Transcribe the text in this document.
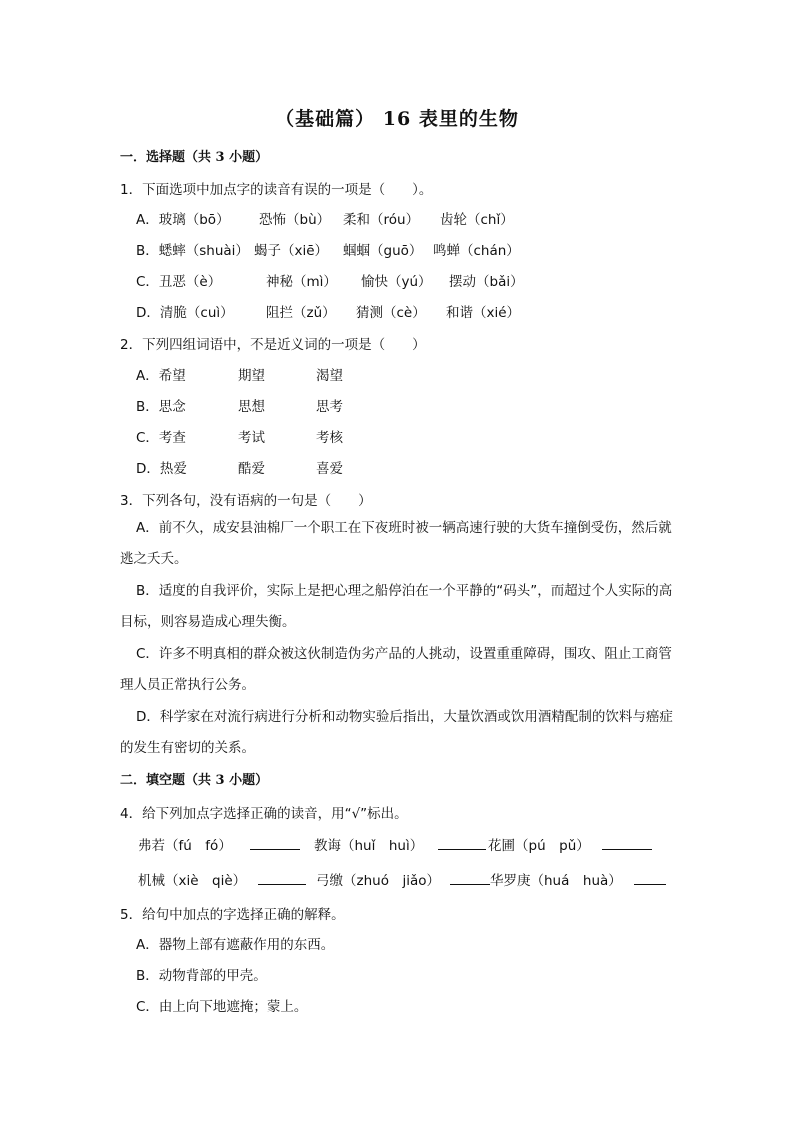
（基础篇） 16 表里的生物
一．选择题（共 3 小题）
1．下面选项中加点字的读音有误的一项是（　　）。
A．玻璃（bō） 恐怖（bù） 柔和（róu） 齿轮（chǐ）
B．蟋蟀（shuài） 蝎子（xiē） 蝈蝈（guō） 鸣蝉（chán）
C．丑恶（è）	神秘（mì） 愉快（yú） 摆动（bǎi）
D．清脆（cuì） 阻拦（zǔ） 猜测（cè） 和谐（xié）
2．下列四组词语中，不是近义词的一项是（　　）
A．希望	期望	渴望
B．思念	思想	思考
C．考查	考试	考核
D．热爱	酷爱	喜爱
3．下列各句，没有语病的一句是（　　）
A．前不久，成安县油棉厂一个职工在下夜班时被一辆高速行驶的大货车撞倒受伤，然后就逃之夭夭。
B．适度的自我评价，实际上是把心理之船停泊在一个平静的“码头”，而超过个人实际的高目标，则容易造成心理失衡。
C．许多不明真相的群众被这伙制造伪劣产品的人挑动，设置重重障碍，围攻、阻止工商管理人员正常执行公务。
D．科学家在对流行病进行分析和动物实验后指出，大量饮酒或饮用酒精配制的饮料与癌症的发生有密切的关系。
二．填空题（共 3 小题）
4．给下列加点字选择正确的读音，用“√”标出。
弗若（fú　fó）	教诲（huǐ　huì）	花圃（pú　pǔ）
机械（xiè　qiè）	弓缴（zhuó　jiǎo）	华罗庚（huá　huà）
5．给句中加点的字选择正确的解释。
A．器物上部有遮蔽作用的东西。
B．动物背部的甲壳。
C．由上向下地遮掩；蒙上。
